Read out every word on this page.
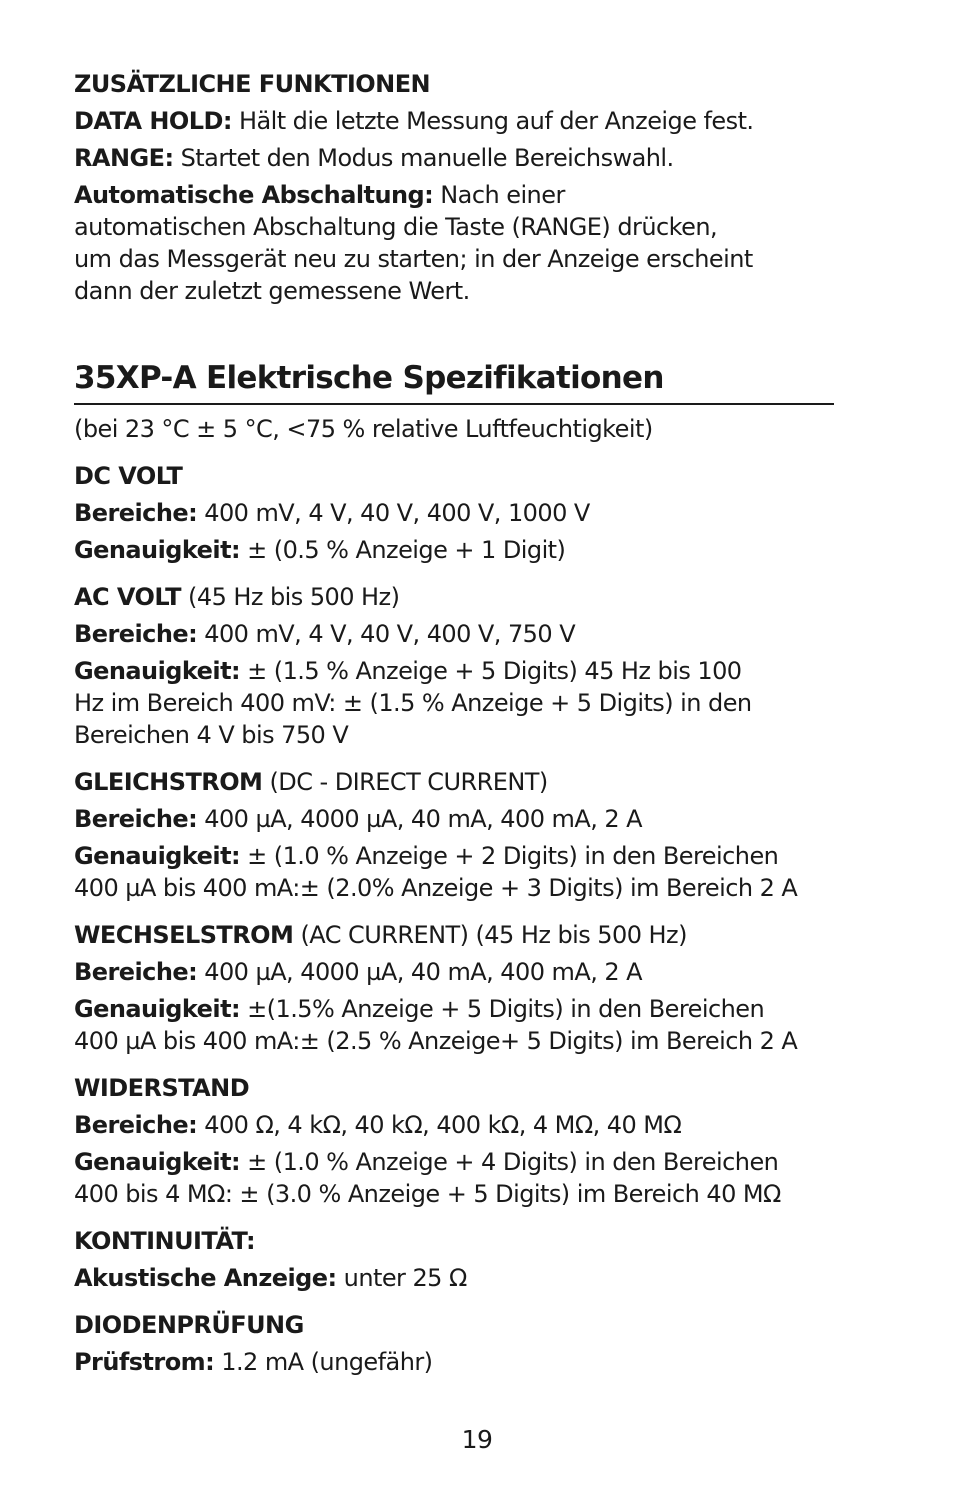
ZUSÄTZLICHE FUNKTIONEN

DATA HOLD: Hält die letzte Messung auf der Anzeige fest.

RANGE: Startet den Modus manuelle Bereichswahl.

Automatische Abschaltung: Nach einer

automatischen Abschaltung die Taste (RANGE) drücken,

um das Messgerät neu zu starten; in der Anzeige erscheint

dann der zuletzt gemessene Wert.

35XP-A Elektrische Spezifikationen

(bei 23 °C ± 5 °C, <75 % relative Luftfeuchtigkeit)

DC VOLT

Bereiche: 400 mV, 4 V, 40 V, 400 V, 1000 V

Genauigkeit: ± (0.5 % Anzeige + 1 Digit)

AC VOLT (45 Hz bis 500 Hz)

Bereiche: 400 mV, 4 V, 40 V, 400 V, 750 V

Genauigkeit: ± (1.5 % Anzeige + 5 Digits) 45 Hz bis 100

Hz im Bereich 400 mV: ± (1.5 % Anzeige + 5 Digits) in den

Bereichen 4 V bis 750 V

GLEICHSTROM (DC - DIRECT CURRENT)

Bereiche: 400 µA, 4000 µA, 40 mA, 400 mA, 2 A

Genauigkeit: ± (1.0 % Anzeige + 2 Digits) in den Bereichen

400 µA bis 400 mA:± (2.0% Anzeige + 3 Digits) im Bereich 2 A

WECHSELSTROM (AC CURRENT) (45 Hz bis 500 Hz)

Bereiche: 400 µA, 4000 µA, 40 mA, 400 mA, 2 A

Genauigkeit: ±(1.5% Anzeige + 5 Digits) in den Bereichen

400 µA bis 400 mA:± (2.5 % Anzeige+ 5 Digits) im Bereich 2 A

WIDERSTAND

Bereiche: 400 Ω, 4 kΩ, 40 kΩ, 400 kΩ, 4 MΩ, 40 MΩ

Genauigkeit: ± (1.0 % Anzeige + 4 Digits) in den Bereichen

400 bis 4 MΩ: ± (3.0 % Anzeige + 5 Digits) im Bereich 40 MΩ

KONTINUITÄT:

Akustische Anzeige: unter 25 Ω

DIODENPRÜFUNG

Prüfstrom: 1.2 mA (ungefähr)

19
